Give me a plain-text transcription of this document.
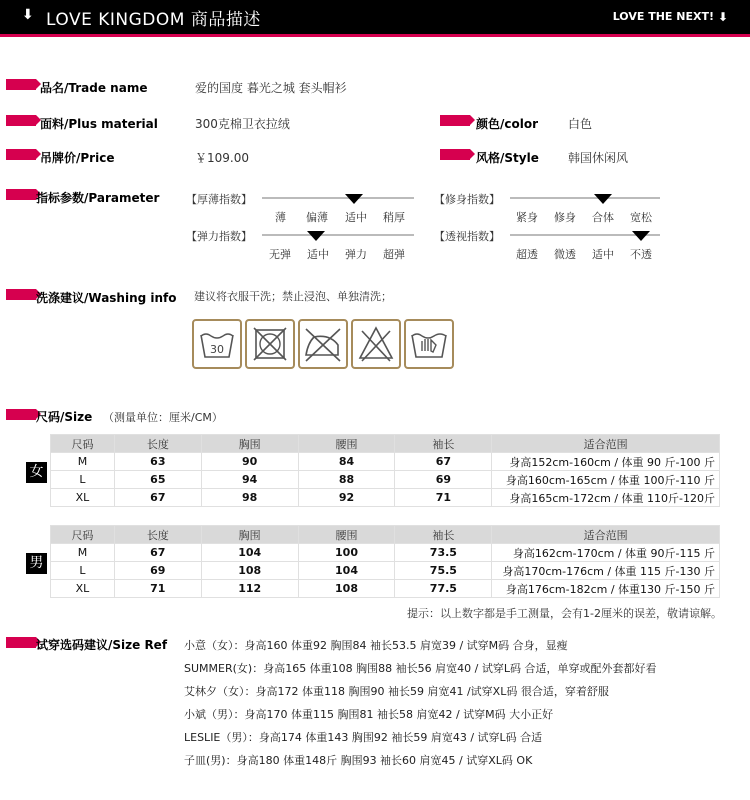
⬇ LOVE KINGDOM 商品描述	LOVE THE NEXT! ⬇
品名/Trade name	爱的国度 暮光之城 套头帽衫
面料/Plus material	300克棉卫衣拉绒	颜色/color 白色
吊牌价/Price	￥109.00	风格/Style 韩国休闲风
指标参数/Parameter 【厚薄指数】
薄 偏薄 适中 稍厚
【弹力指数】
无弹 适中 弹力 超弹
【修身指数】
紧身 修身 合体 宽松
【透视指数】
超透 微透 适中 不透
洗涤建议/Washing info 建议将衣服干洗；禁止浸泡、单独清洗；
30
尺码/Size （测量单位：厘米/CM）
女
尺码	长度	胸围	腰围	袖长	适合范围
M	63	90	84	67	身高152cm-160cm / 体重 90 斤-100 斤
L	65	94	88	69	身高160cm-165cm / 体重 100斤-110 斤
XL	67	98	92	71	身高165cm-172cm / 体重 110斤-120斤
男
尺码	长度	胸围	腰围	袖长	适合范围
M	67	104	100	73.5	身高162cm-170cm / 体重 90斤-115 斤
L	69	108	104	75.5	身高170cm-176cm / 体重 115 斤-130 斤
XL	71	112	108	77.5	身高176cm-182cm / 体重130 斤-150 斤
提示：以上数字都是手工测量，会有1-2厘米的误差，敬请谅解。
试穿选码建议/Size Ref 小意（女）：身高160 体重92 胸围84 袖长53.5 肩宽39 / 试穿M码 合身，显瘦
SUMMER(女)：身高165 体重108 胸围88 袖长56 肩宽40 / 试穿L码 合适，单穿或配外套都好看
艾林夕（女）：身高172 体重118 胸围90 袖长59 肩宽41 /试穿XL码 很合适，穿着舒服
小斌（男）：身高170 体重115 胸围81 袖长58 肩宽42 / 试穿M码 大小正好
LESLIE（男）：身高174 体重143 胸围92 袖长59 肩宽43 / 试穿L码 合适
子皿(男)：身高180 体重148斤 胸围93 袖长60 肩宽45 / 试穿XL码 OK
